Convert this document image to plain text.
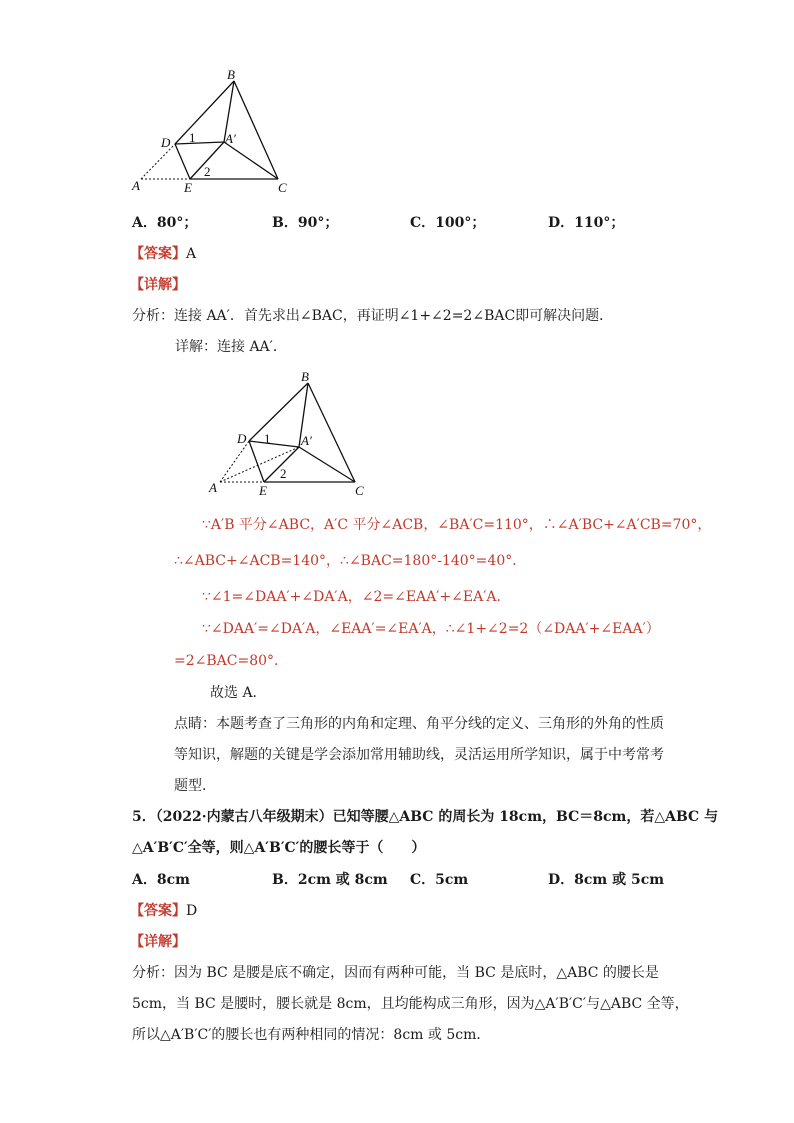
B
D 1 A′
2
A	E	C
A．80°；	B．90°；	C．100°；	D．110°；
【答案】A
【详解】
分析：连接 AA′．首先求出∠BAC，再证明∠1+∠2=2∠BAC即可解决问题．
详解：连接 AA′．
B
D 1 A′
2
A	E	C
∵A′B 平分∠ABC，A′C 平分∠ACB，∠BA′C=110°，∴∠A′BC+∠A′CB=70°，
∴∠ABC+∠ACB=140°，∴∠BAC=180°-140°=40°．
∵∠1=∠DAA′+∠DA′A，∠2=∠EAA′+∠EA′A．
∵∠DAA′=∠DA′A，∠EAA′=∠EA′A，∴∠1+∠2=2（∠DAA′+∠EAA′）
=2∠BAC=80°．
故选 A．
点睛：本题考查了三角形的内角和定理、角平分线的定义、三角形的外角的性质
等知识，解题的关键是学会添加常用辅助线，灵活运用所学知识，属于中考常考
题型．
5．（2022·内蒙古八年级期末）已知等腰△ABC 的周长为 18cm，BC＝8cm，若△ABC 与
△A′B′C′全等，则△A′B′C′的腰长等于（　　）
A．8cm	B．2cm 或 8cm C．5cm	D．8cm 或 5cm
【答案】D
【详解】
分析：因为 BC 是腰是底不确定，因而有两种可能，当 BC 是底时，△ABC 的腰长是
5cm，当 BC 是腰时，腰长就是 8cm，且均能构成三角形，因为△A′B′C′与△ABC 全等，
所以△A′B′C′的腰长也有两种相同的情况：8cm 或 5cm．
